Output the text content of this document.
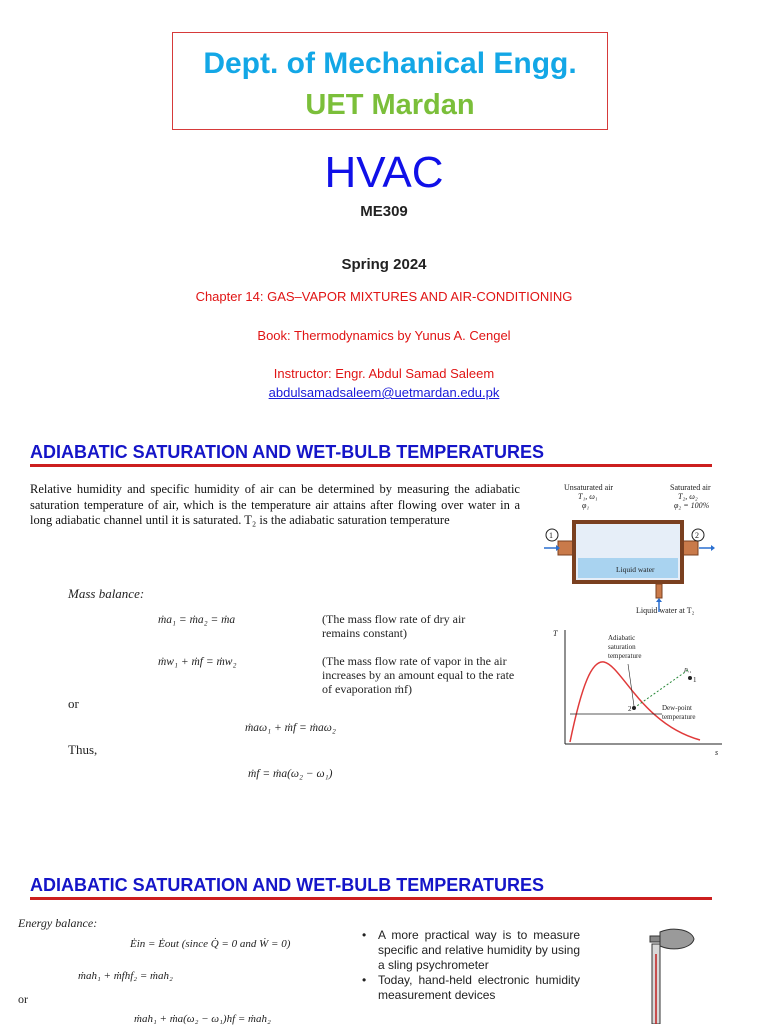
Dept. of Mechanical Engg.
UET Mardan
HVAC
ME309
Spring 2024
Chapter 14: GAS–VAPOR MIXTURES AND AIR-CONDITIONING
Book: Thermodynamics by Yunus A. Cengel
Instructor: Engr. Abdul Samad Saleem
abdulsamadsaleem@uetmardan.edu.pk
ADIABATIC SATURATION AND WET-BULB TEMPERATURES
Relative humidity and specific humidity of air can be determined by measuring the adiabatic saturation temperature of air, which is the temperature air attains after flowing over water in a long adiabatic channel until it is saturated. T₂ is the adiabatic saturation temperature
Mass balance:
ṁa₁ = ṁa₂ = ṁa	(The mass flow rate of dry air remains constant)
ṁw₁ + ṁf = ṁw₂	(The mass flow rate of vapor in the air increases by an amount equal to the rate of evaporation ṁf)
or
ṁaω₁ + ṁf = ṁaω₂
Thus,
ṁf = ṁa(ω₂ − ω₁)
Unsaturated air
T₁, ω₁
φ₁
Saturated air
T₂, ω₂
φ₂ = 100%
1	2
Liquid water
Liquid water at T₂
T
s
Adiabatic
saturation
temperature
2
1
Pᵥ₁
Dew-point
temperature
ADIABATIC SATURATION AND WET-BULB TEMPERATURES
Energy balance:
Ėin = Ėout (since Q̇ = 0 and Ẇ = 0)
ṁah₁ + ṁfhf₂ = ṁah₂
or
ṁah₁ + ṁa(ω₂ − ω₁)hf = ṁah₂
• A more practical way is to measure specific and relative humidity by using a sling psychrometer
• Today, hand-held electronic humidity measurement devices
